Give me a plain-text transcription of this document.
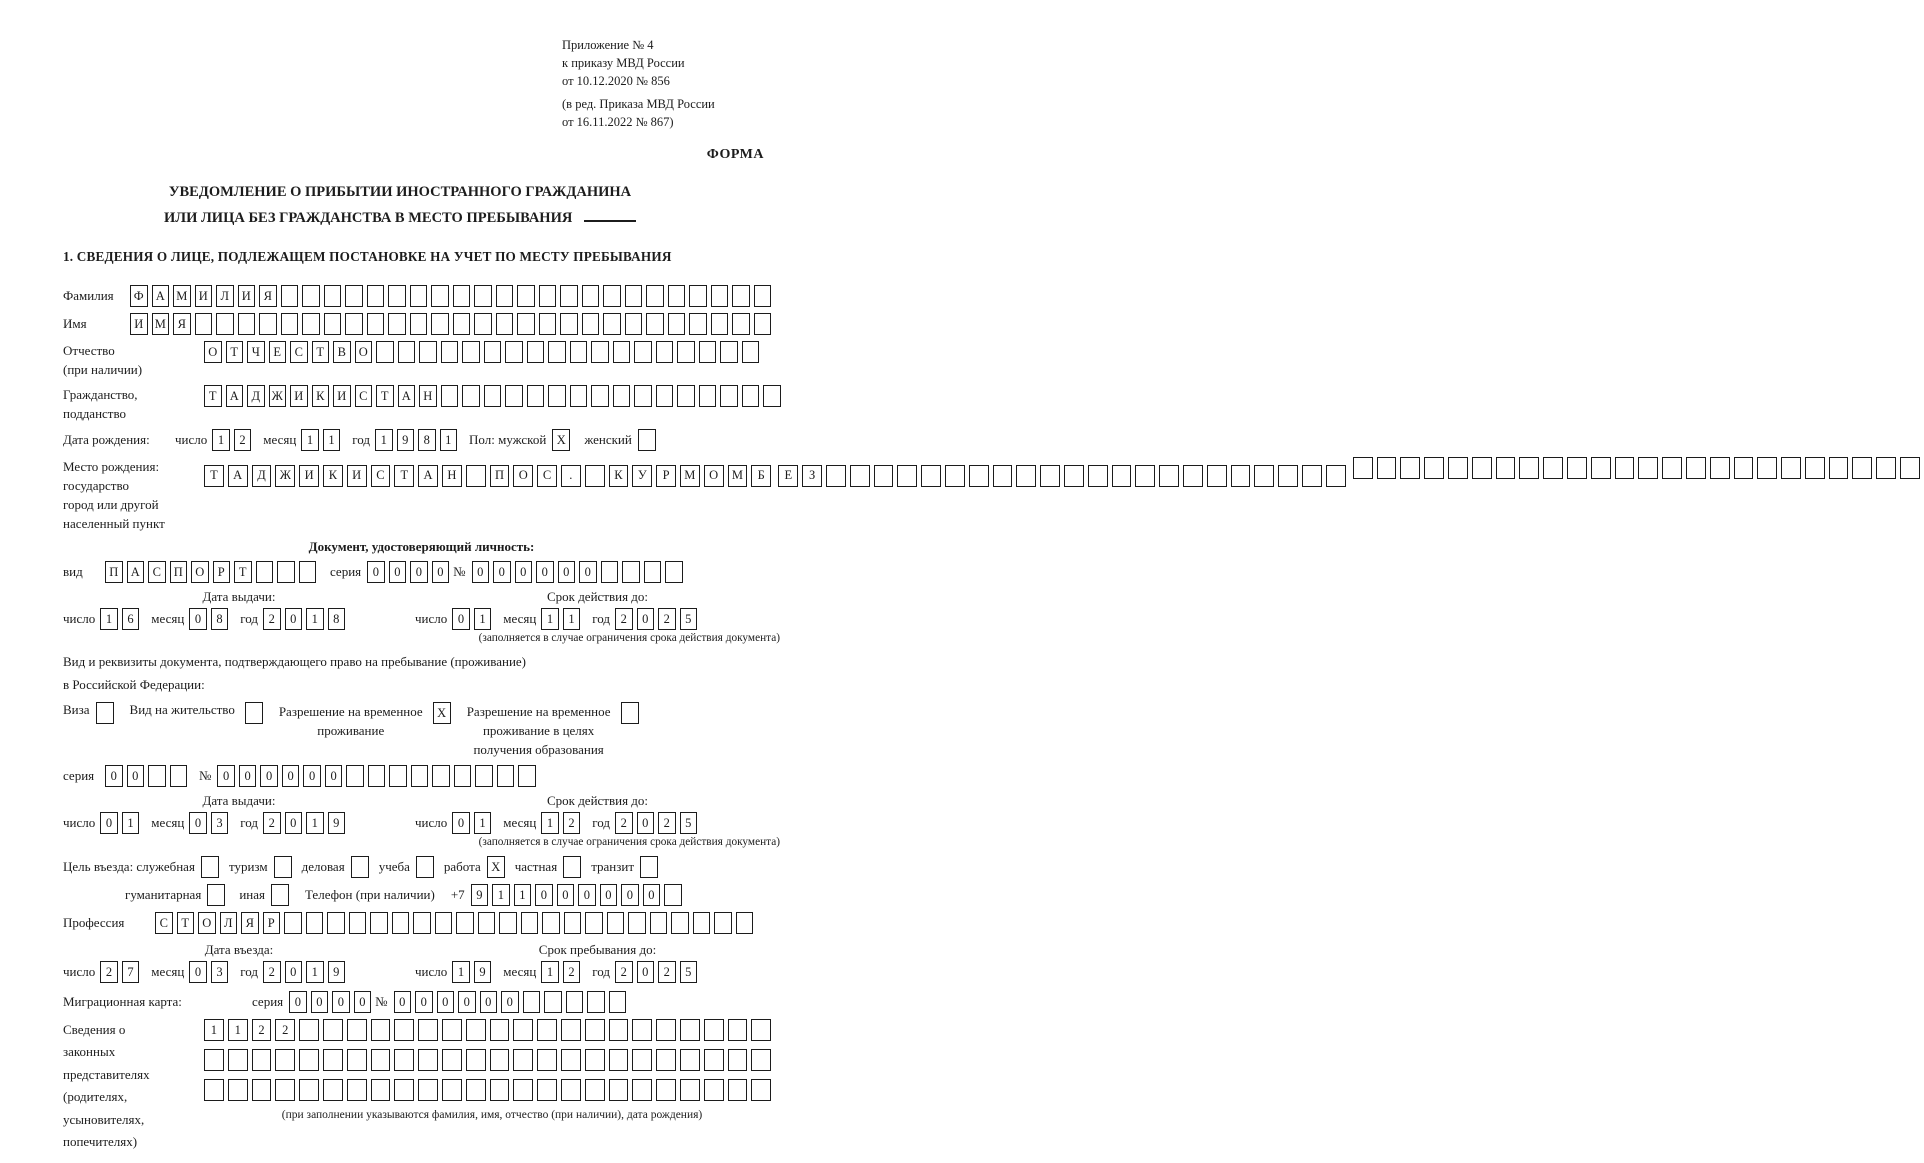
Приложение № 4
к приказу МВД России
от 10.12.2020 № 856
(в ред. Приказа МВД России
от 16.11.2022 № 867)
ФОРМА
УВЕДОМЛЕНИЕ О ПРИБЫТИИ ИНОСТРАННОГО ГРАЖДАНИНА
ИЛИ ЛИЦА БЕЗ ГРАЖДАНСТВА В МЕСТО ПРЕБЫВАНИЯ
1. СВЕДЕНИЯ О ЛИЦЕ, ПОДЛЕЖАЩЕМ ПОСТАНОВКЕ НА УЧЕТ ПО МЕСТУ ПРЕБЫВАНИЯ
Фамилия	Ф А М И	Л	И	Я
Имя	И М Я
Отчество
(при наличии)
О	Т	Ч	Е	С	Т	В	О
Гражданство,
подданство
Т	А	Д Ж И	К	И	С	Т	А Н
Дата рождения:	число 1	2	месяц 1	1	год 1	9	8	1	Пол: мужской X	женский
Место рождения:
государство
город или другой
населенный пункт
Т	А	Д	Ж	И	К	И	С	Т	А	Н	П	О	С	.	К	У	Р	М	О	М	Б
	Е	З

Документ, удостоверяющий личность:
вид	П А	С	П О	Р	Т	серия 0	0	0	0 № 0	0	0	0	0	0
Дата выдачи:
число 1	6	месяц 0	8	год 2	0	1	8
Срок действия до:
число 0	1	месяц 1	1	год 2	0	2	5
(заполняется в случае ограничения срока действия документа)
Вид и реквизиты документа, подтверждающего право на пребывание (проживание)
в Российской Федерации:
Виза	Вид на жительство	Разрешение на временное
проживание
X	Разрешение на временное
проживание в целях
получения образования
серия	0	0	№ 0	0	0	0	0	0
Дата выдачи:
число 0	1	месяц 0	3	год 2	0	1	9
Срок действия до:
число 0	1	месяц 1	2	год 2	0	2	5
(заполняется в случае ограничения срока действия документа)
Цель въезда: служебная	туризм	деловая	учеба	работа X	частная	транзит
гуманитарная	иная	Телефон (при наличии) +7 9	1	1	0	0	0	0	0	0
Профессия	С	Т	О	Л	Я	Р
Дата въезда:
число 2	7	месяц 0	3	год 2	0	1	9
Срок пребывания до:
число 1	9	месяц 1	2	год 2	0	2	5
Миграционная карта:	серия 0	0	0	0 № 0	0	0	0	0	0
Сведения о
законных
представителях
(родителях,
усыновителях,
попечителях)
1	1	2	2
(при заполнении указываются фамилия, имя, отчество (при наличии), дата рождения)
